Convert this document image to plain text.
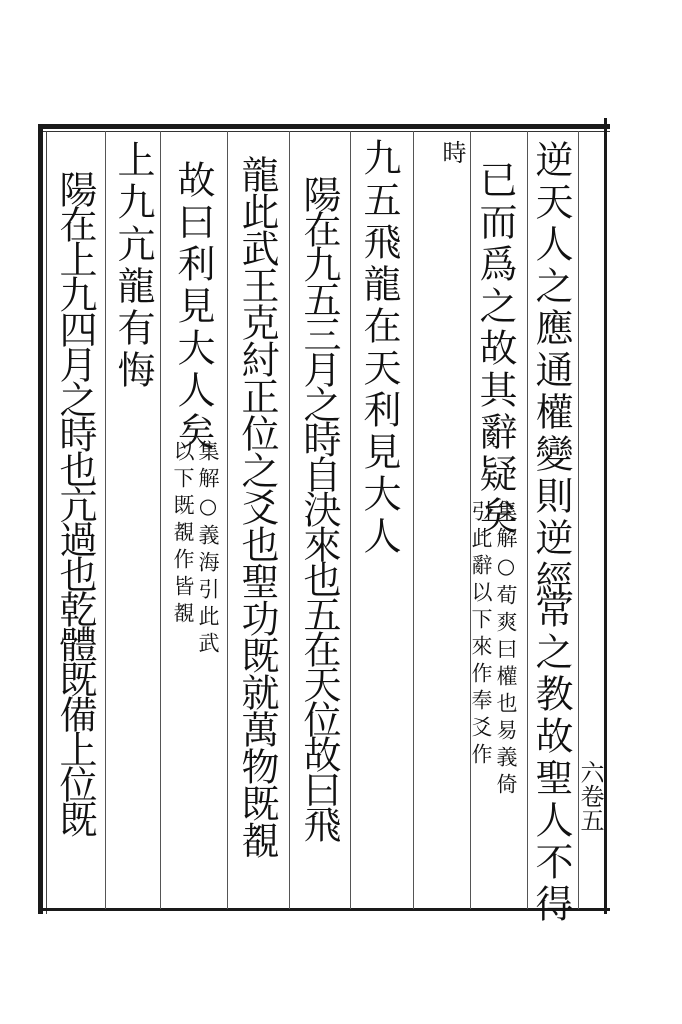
六卷五
逆天人之應通權變則逆經
常之教故聖人不得
已而爲之故其辭疑矣
集解○荀爽曰權也易義倚
引此辭以下來作奉爻作
時
九五飛龍在天利見大人
陽在九五三月之時自決來也五在天位故曰飛
龍此武王克紂正位之爻也聖功既就萬物既覩
故曰利見大人矣
集解○義海引此武
以下既覩作皆覩
上九亢龍有悔
陽在上九四月之時也亢過也乾體既備上位既
